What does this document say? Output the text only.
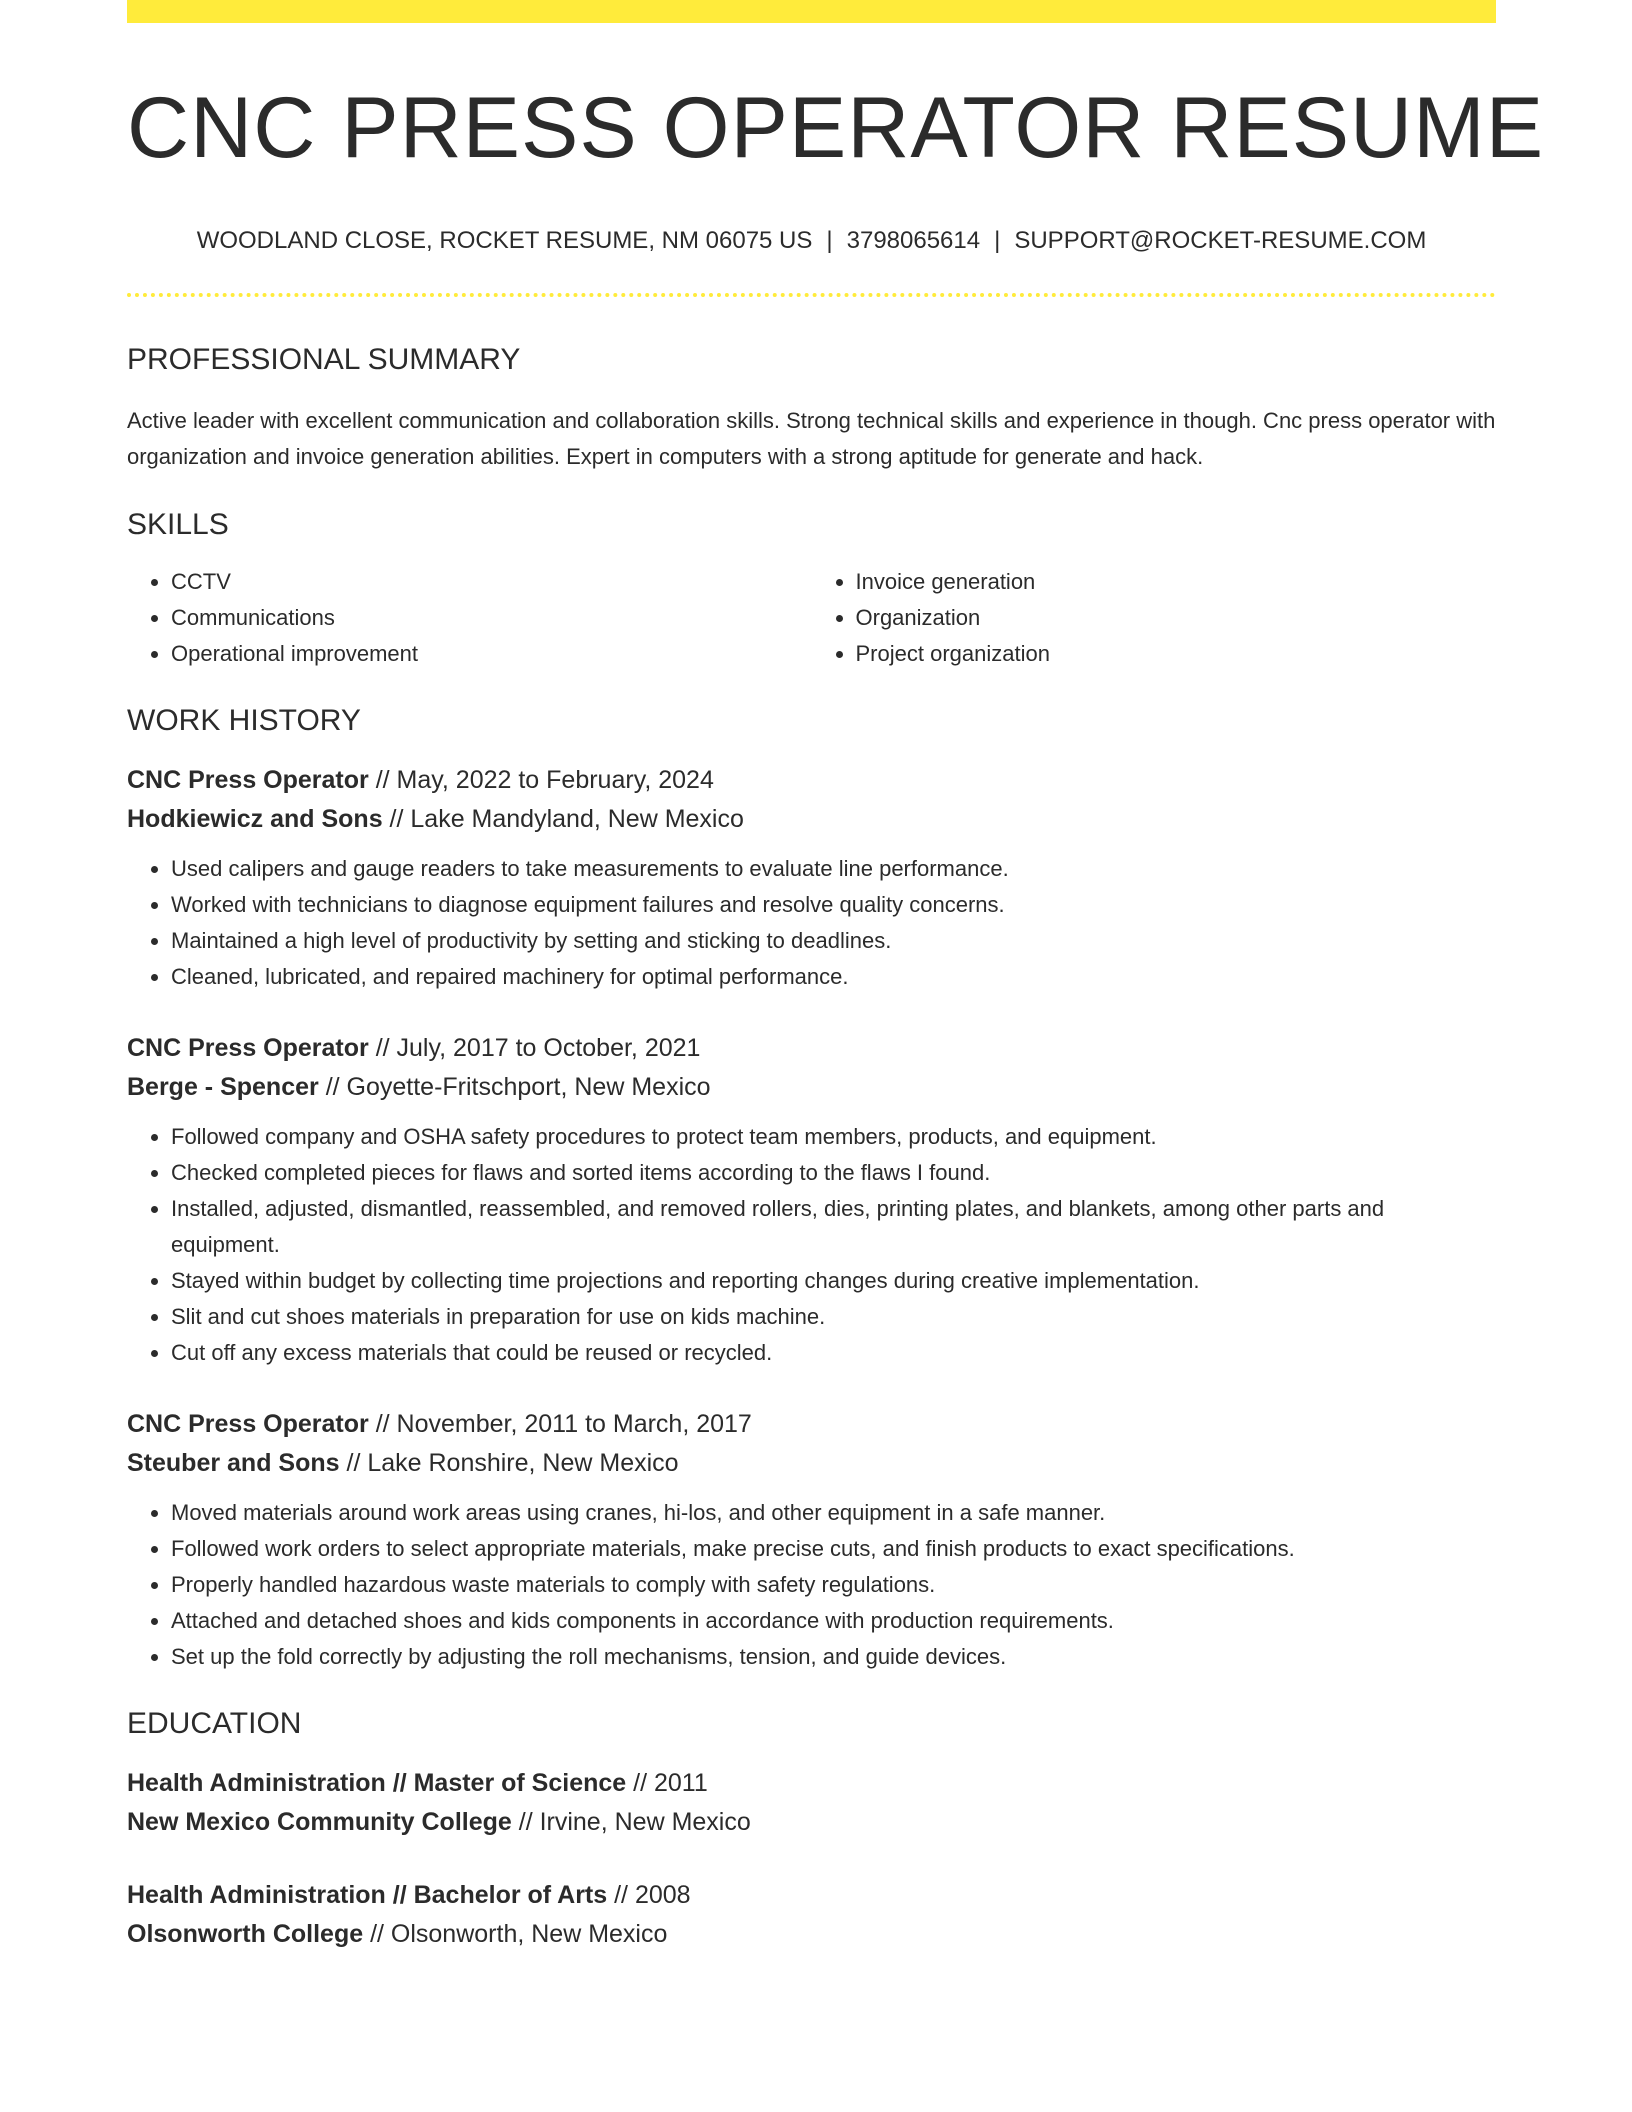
CNC PRESS OPERATOR RESUME
WOODLAND CLOSE, ROCKET RESUME, NM 06075 US | 3798065614 | SUPPORT@ROCKET-RESUME.COM
PROFESSIONAL SUMMARY

Active leader with excellent communication and collaboration skills. Strong technical skills and experience in though. Cnc press operator with organization and invoice generation abilities. Expert in computers with a strong aptitude for generate and hack.

SKILLS
• CCTV
• Communications
• Operational improvement
• Invoice generation
• Organization
• Project organization
WORK HISTORY
CNC Press Operator // May, 2022 to February, 2024
Hodkiewicz and Sons // Lake Mandyland, New Mexico
• Used calipers and gauge readers to take measurements to evaluate line performance.
• Worked with technicians to diagnose equipment failures and resolve quality concerns.
• Maintained a high level of productivity by setting and sticking to deadlines.
• Cleaned, lubricated, and repaired machinery for optimal performance.
CNC Press Operator // July, 2017 to October, 2021
Berge - Spencer // Goyette-Fritschport, New Mexico
• Followed company and OSHA safety procedures to protect team members, products, and equipment.
• Checked completed pieces for flaws and sorted items according to the flaws I found.
• Installed, adjusted, dismantled, reassembled, and removed rollers, dies, printing plates, and blankets, among other parts and equipment.
• Stayed within budget by collecting time projections and reporting changes during creative implementation.
• Slit and cut shoes materials in preparation for use on kids machine.
• Cut off any excess materials that could be reused or recycled.
CNC Press Operator // November, 2011 to March, 2017
Steuber and Sons // Lake Ronshire, New Mexico
• Moved materials around work areas using cranes, hi-los, and other equipment in a safe manner.
• Followed work orders to select appropriate materials, make precise cuts, and finish products to exact specifications.
• Properly handled hazardous waste materials to comply with safety regulations.
• Attached and detached shoes and kids components in accordance with production requirements.
• Set up the fold correctly by adjusting the roll mechanisms, tension, and guide devices.
EDUCATION
Health Administration // Master of Science // 2011
New Mexico Community College // Irvine, New Mexico
Health Administration // Bachelor of Arts // 2008
Olsonworth College // Olsonworth, New Mexico
